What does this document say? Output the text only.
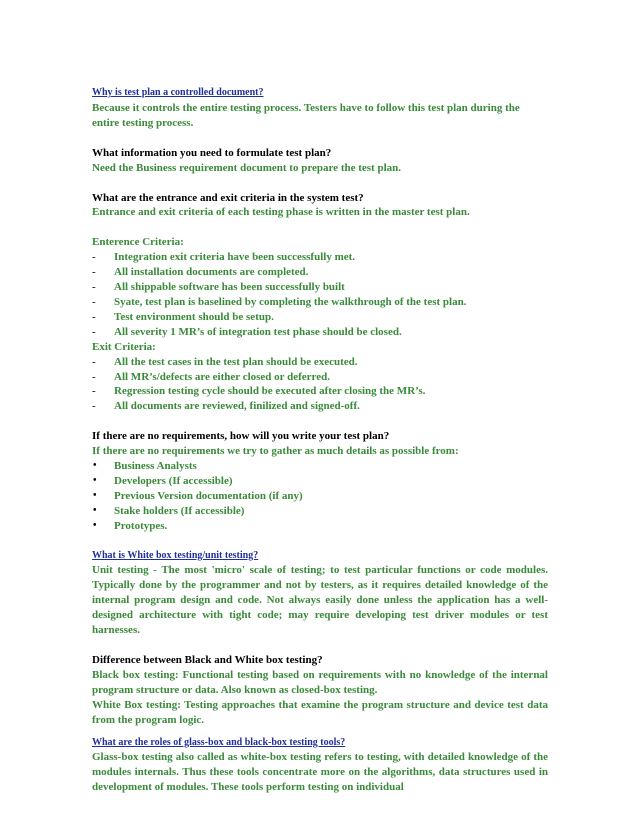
Why is test plan a controlled document?

Because it controls the entire testing process. Testers have to follow this test plan during the entire testing process.

What information you need to formulate test plan?

Need the Business requirement document to prepare the test plan.

What are the entrance and exit criteria in the system test?

Entrance and exit criteria of each testing phase is written in the master test plan.

Enterence Criteria:
- Integration exit criteria have been successfully met.
- All installation documents are completed.
- All shippable software has been successfully built
- Syate, test plan is baselined by completing the walkthrough of the test plan.
- Test environment should be setup.
- All severity 1 MR’s of integration test phase should be closed.
Exit Criteria:
- All the test cases in the test plan should be executed.
- All MR’s/defects are either closed or deferred.
- Regression testing cycle should be executed after closing the MR’s.
- All documents are reviewed, finilized and signed-off.
If there are no requirements, how will you write your test plan?

If there are no requirements we try to gather as much details as possible from:

• Business Analysts
• Developers (If accessible)
• Previous Version documentation (if any)
• Stake holders (If accessible)
• Prototypes.
What is White box testing/unit testing?

Unit testing - The most 'micro' scale of testing; to test particular functions or code modules. Typically done by the programmer and not by testers, as it requires detailed knowledge of the internal program design and code. Not always easily done unless the application has a well-designed architecture with tight code; may require developing test driver modules or test harnesses.

Difference between Black and White box testing?

Black box testing: Functional testing based on requirements with no knowledge of the internal program structure or data. Also known as closed-box testing.

White Box testing: Testing approaches that examine the program structure and device test data from the program logic.

What are the roles of glass-box and black-box testing tools?

Glass-box testing also called as white-box testing refers to testing, with detailed knowledge of the modules internals. Thus these tools concentrate more on the algorithms, data structures used in development of modules. These tools perform testing on individual
